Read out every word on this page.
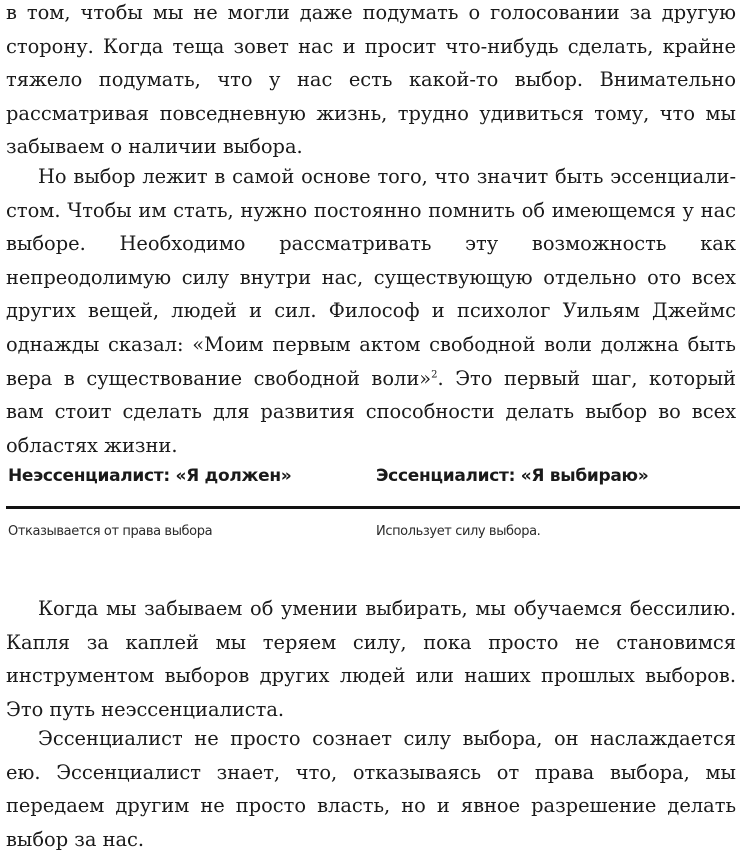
в том, чтобы мы не могли даже подумать о голосовании за другую сторону. Когда теща зовет нас и просит что-нибудь сделать, крайне тяжело подумать, что у нас есть какой-то выбор. Внимательно рассматривая повседневную жизнь, трудно удивиться тому, что мы забываем о наличии выбора.

Но выбор лежит в самой основе того, что значит быть эссенциалистом. Чтобы им стать, нужно постоянно помнить об имеющемся у нас выборе. Необходимо рассматривать эту возможность как непреодолимую силу внутри нас, существующую отдельно ото всех других вещей, людей и сил. Философ и психолог Уильям Джеймс однажды сказал: «Моим первым актом свободной воли должна быть вера в существование свободной воли»$^2$. Это первый шаг, который вам стоит сделать для развития способности делать выбор во всех областях жизни.

Неэссенциалист: «Я должен»	Эссенциалист: «Я выбираю»
Отказывается от права выбора	Использует силу выбора.

Когда мы забываем об умении выбирать, мы обучаемся бессилию. Капля за каплей мы теряем силу, пока просто не становимся инструментом выборов других людей или наших прошлых выборов. Это путь неэссенциалиста.

Эссенциалист не просто сознает силу выбора, он наслаждается ею. Эссенциалист знает, что, отказываясь от права выбора, мы передаем другим не просто власть, но и явное разрешение делать выбор за нас.
